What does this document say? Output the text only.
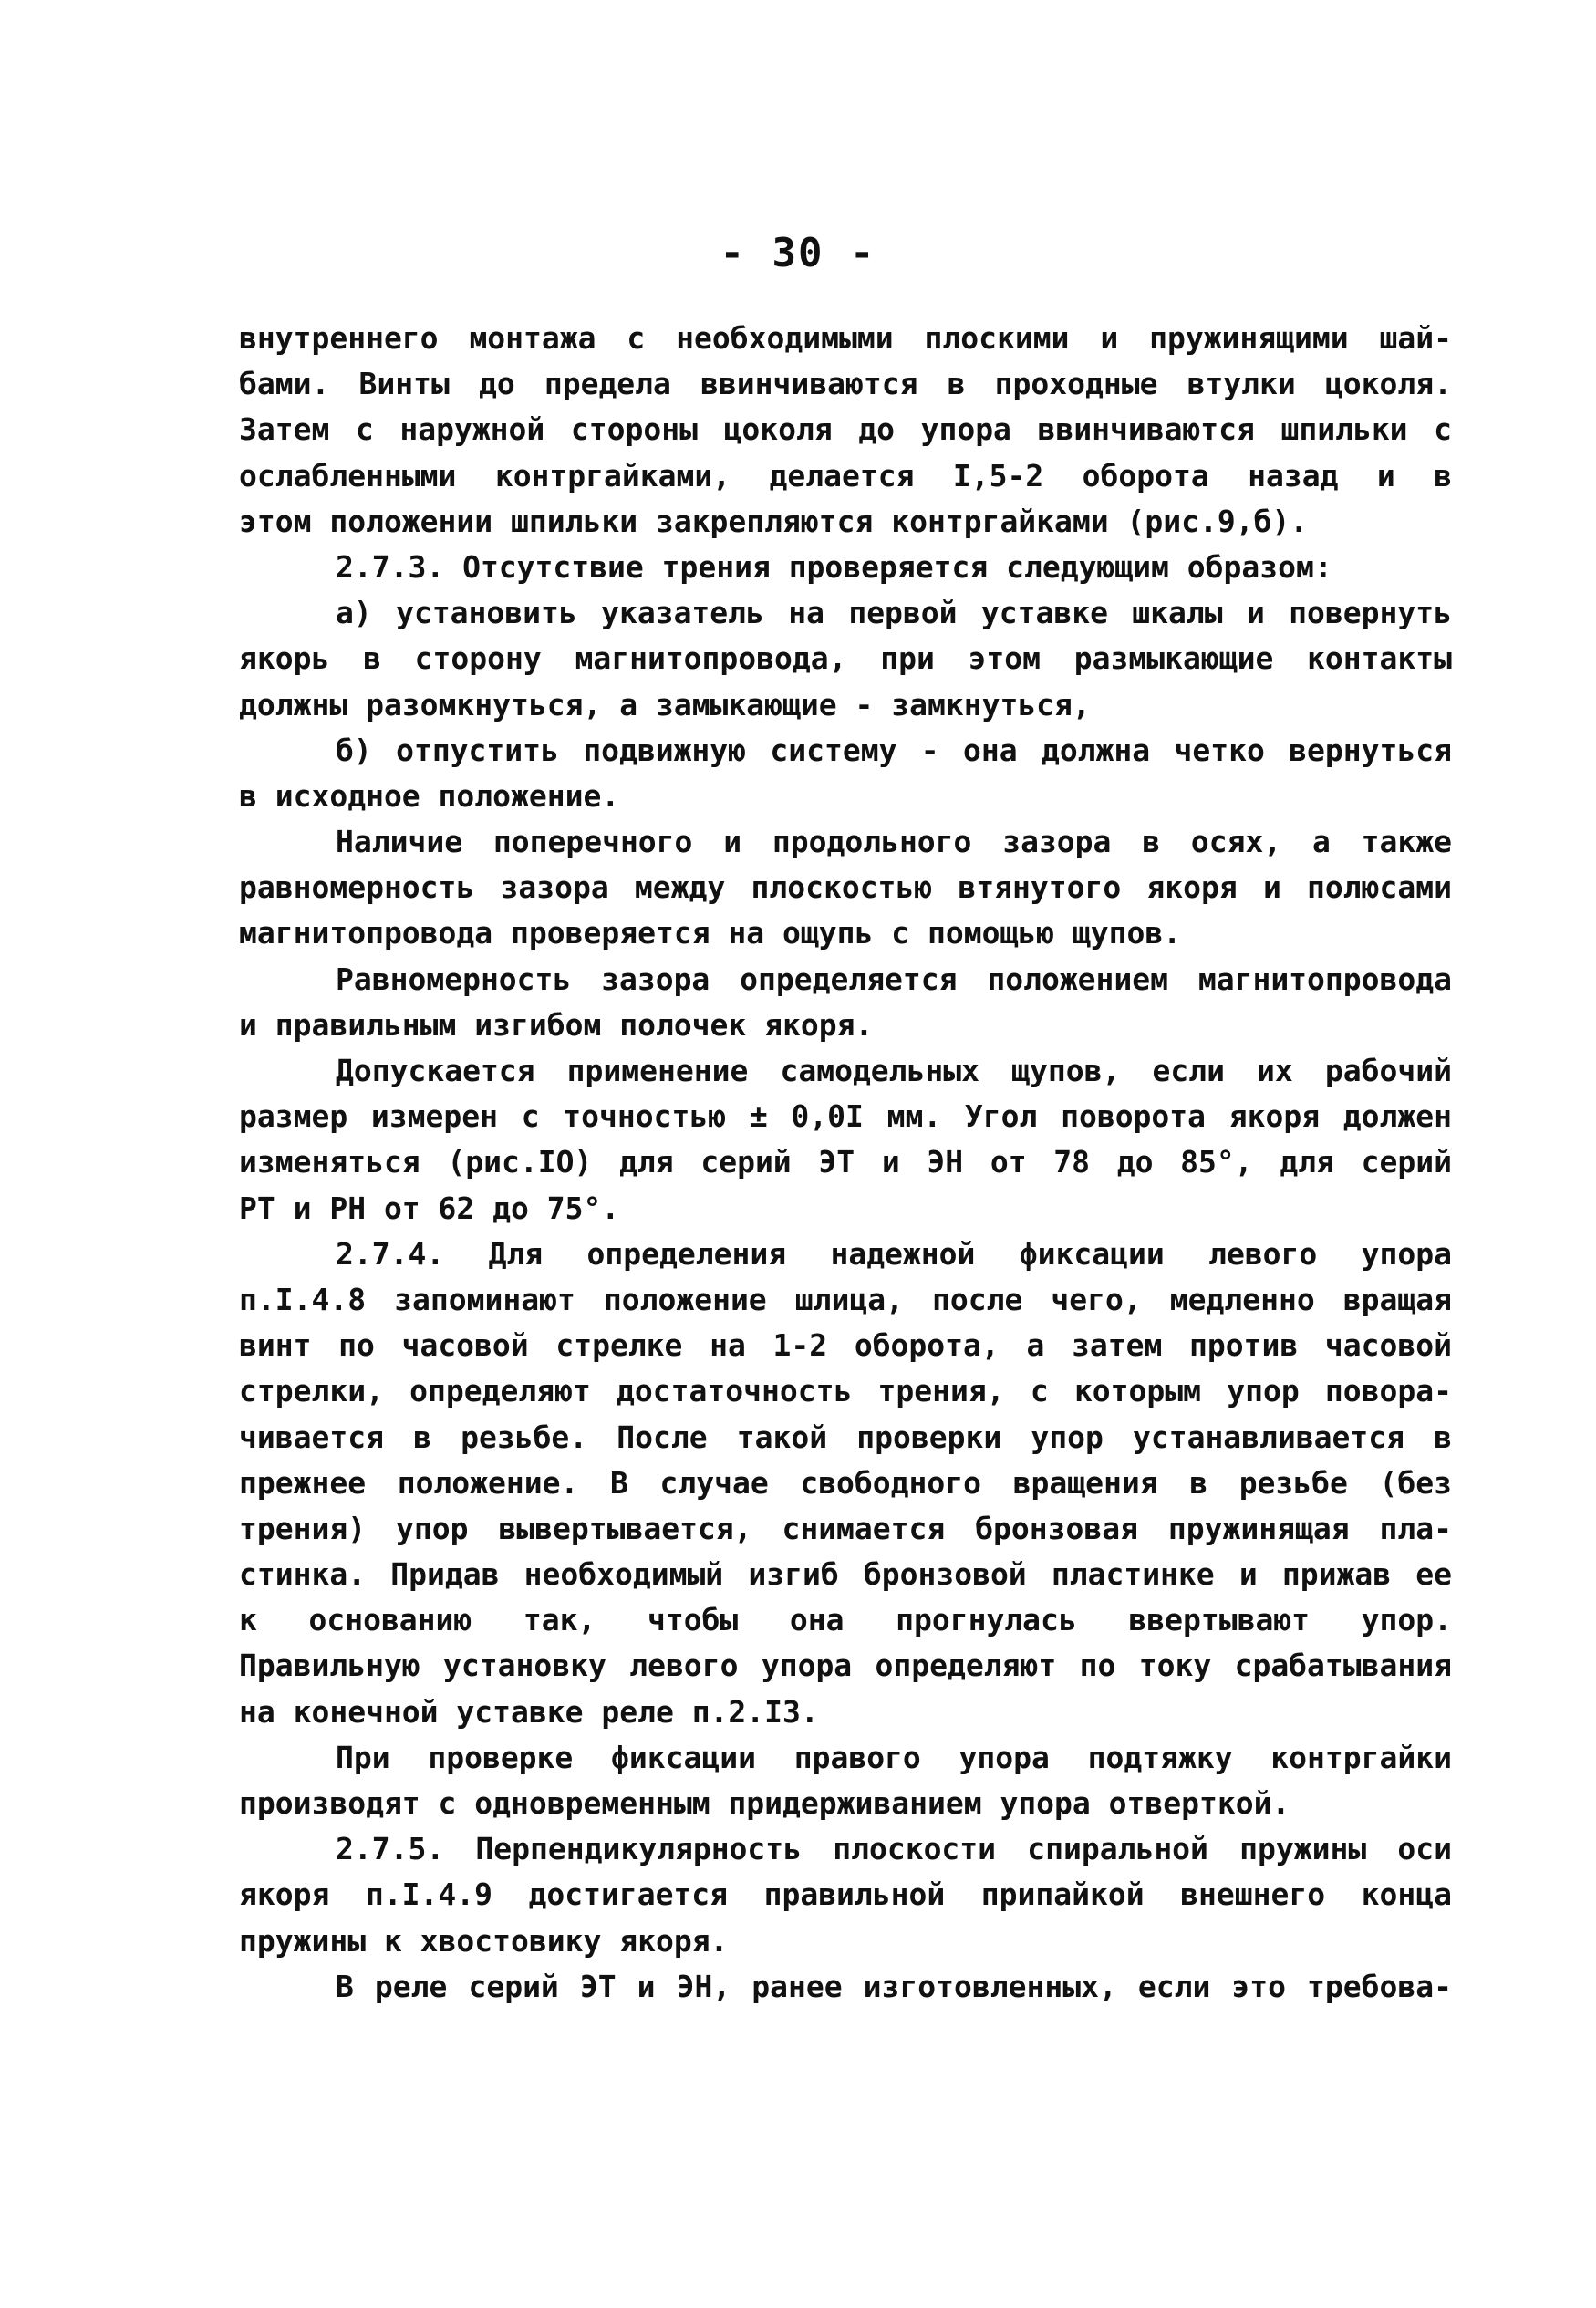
- 30 -
внутреннего монтажа с необходимыми плоскими и пружинящими шай-
бами. Винты до предела ввинчиваются в проходные втулки цоколя.
Затем с наружной стороны цоколя до упора ввинчиваются шпильки с
ослабленными контргайками, делается I,5-2 оборота назад и в
этом положении шпильки закрепляются контргайками (рис.9,б).
2.7.3. Отсутствие трения проверяется следующим образом:
а) установить указатель на первой уставке шкалы и повернуть
якорь в сторону магнитопровода, при этом размыкающие контакты
должны разомкнуться, а замыкающие - замкнуться,
б) отпустить подвижную систему - она должна четко вернуться
в исходное положение.
Наличие поперечного и продольного зазора в осях, а также
равномерность зазора между плоскостью втянутого якоря и полюсами
магнитопровода проверяется на ощупь с помощью щупов.
Равномерность зазора определяется положением магнитопровода
и правильным изгибом полочек якоря.
Допускается применение самодельных щупов, если их рабочий
размер измерен с точностью ± 0,0I мм. Угол поворота якоря должен
изменяться (рис.IO) для серий ЭТ и ЭН от 78 до 85°, для серий
РТ и РН от 62 до 75°.
2.7.4. Для определения надежной фиксации левого упора
п.I.4.8 запоминают положение шлица, после чего, медленно вращая
винт по часовой стрелке на 1-2 оборота, а затем против часовой
стрелки, определяют достаточность трения, с которым упор повора-
чивается в резьбе. После такой проверки упор устанавливается в
прежнее положение. В случае свободного вращения в резьбе (без
трения) упор вывертывается, снимается бронзовая пружинящая пла-
стинка. Придав необходимый изгиб бронзовой пластинке и прижав ее
к основанию так, чтобы она прогнулась ввертывают упор.
Правильную установку левого упора определяют по току срабатывания
на конечной уставке реле п.2.I3.
При проверке фиксации правого упора подтяжку контргайки
производят с одновременным придерживанием упора отверткой.
2.7.5. Перпендикулярность плоскости спиральной пружины оси
якоря п.I.4.9 достигается правильной припайкой внешнего конца
пружины к хвостовику якоря.
В реле серий ЭТ и ЭН, ранее изготовленных, если это требова-
